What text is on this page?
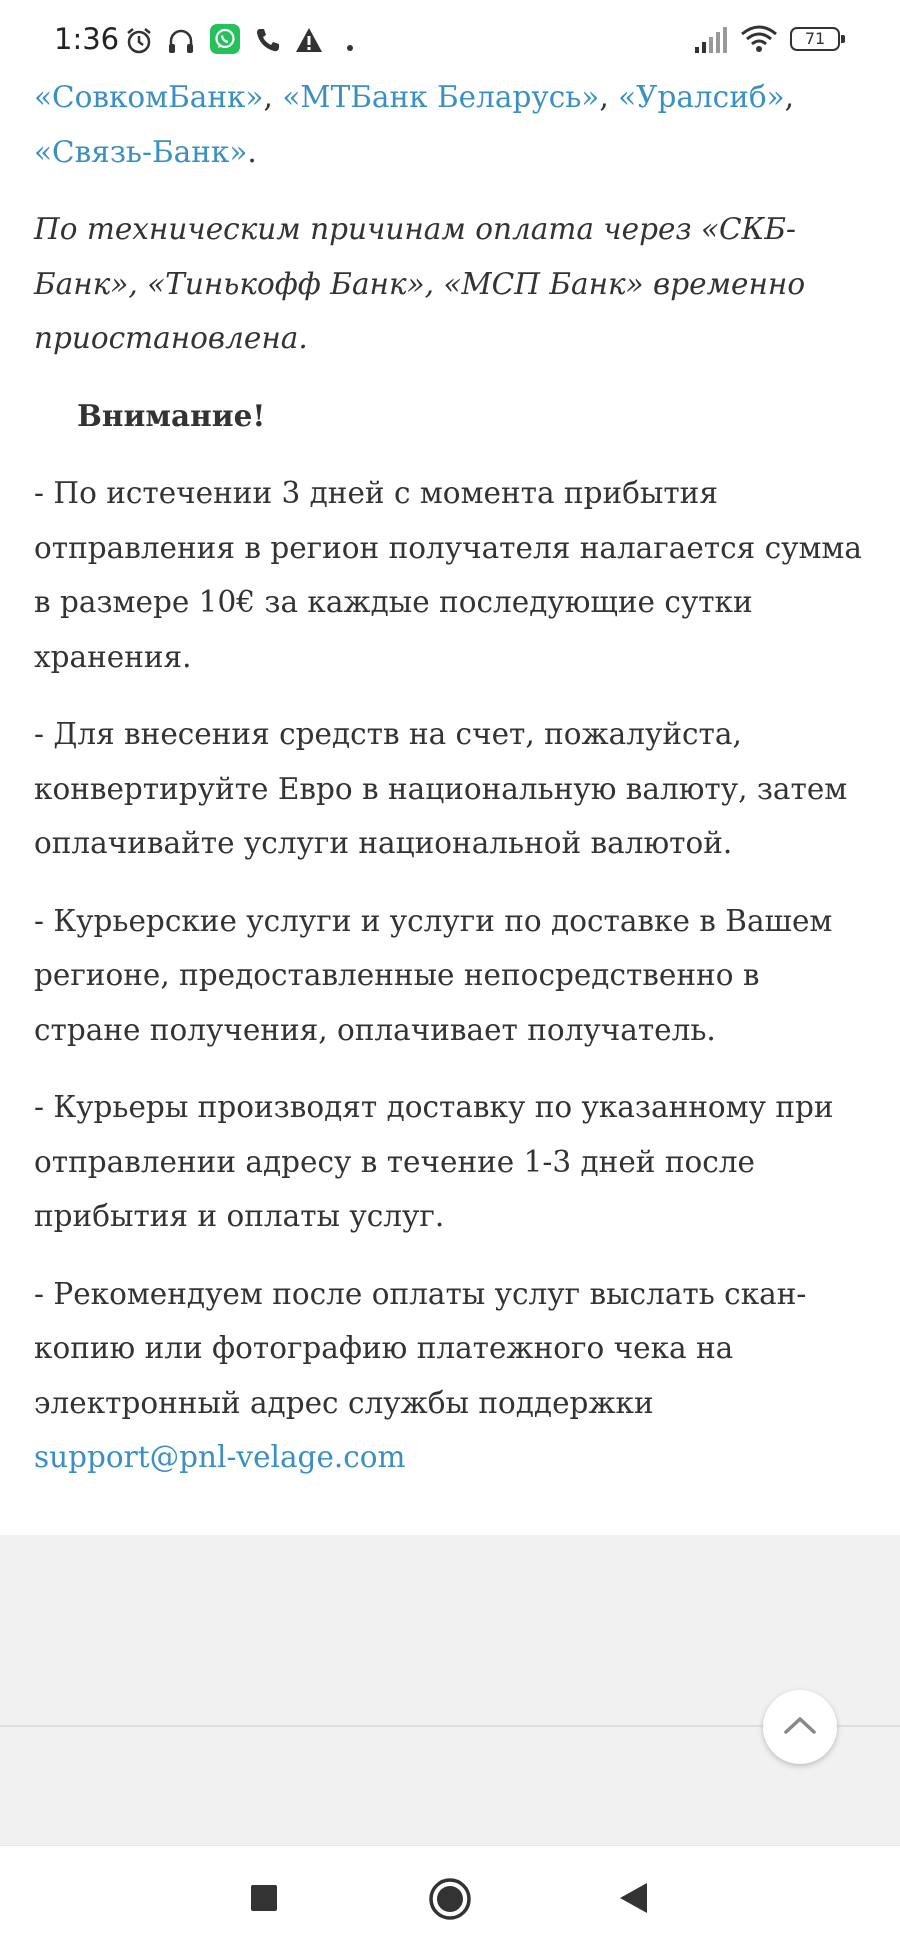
1:36	71

«СовкомБанк», «МТБанк Беларусь», «Уралсиб», «Связь-Банк».

По техническим причинам оплата через «СКБ-Банк», «Тинькофф Банк», «МСП Банк» временно приостановлена.

Внимание!

- По истечении 3 дней с момента прибытия отправления в регион получателя налагается сумма в размере 10€ за каждые последующие сутки хранения.

- Для внесения средств на счет, пожалуйста, конвертируйте Евро в национальную валюту, затем оплачивайте услуги национальной валютой.

- Курьерские услуги и услуги по доставке в Вашем регионе, предоставленные непосредственно в стране получения, оплачивает получатель.

- Курьеры производят доставку по указанному при отправлении адресу в течение 1-3 дней после прибытия и оплаты услуг.

- Рекомендуем после оплаты услуг выслать скан-копию или фотографию платежного чека на электронный адрес службы поддержки support@pnl-velage.com
